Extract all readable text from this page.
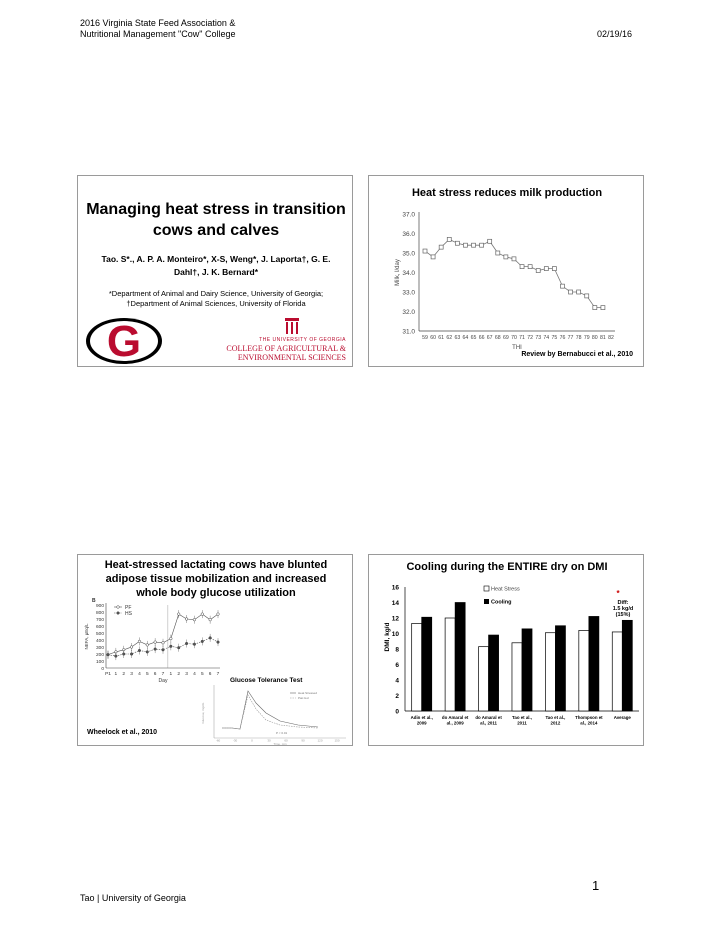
2016 Virginia State Feed Association &
Nutritional Management "Cow" College	02/19/16
Managing heat stress in transition
cows and calves
Tao. S*., A. P. A. Monteiro*, X-S, Weng*, J. Laporta†, G. E.
Dahl†, J. K. Bernard*
*Department of Animal and Dairy Science, University of Georgia;
†Department of Animal Sciences, University of Florida
G	THE UNIVERSITY OF GEORGIA
COLLEGE OF AGRICULTURAL &
ENVIRONMENTAL SCIENCES
Heat stress reduces milk production
37.0
36.0
35.0
34.0
33.0
32.0
31.0
59 60 61 62 63 64 65 66 67 68 69 70 71 72 73 74 75 76 77 78 79 80 81 82
THI
Milk, l/day
Review by Bernabucci et al., 2010
Heat-stressed lactating cows have blunted
adipose tissue mobilization and increased
whole body glucose utilization
B
900
800
700
600
500
400
300
200
100
0
P1 1 2 3 4 5 6 7 1 2 3 4 5 6 7
Day
NEFA, μEq/L
PF
HS
Glucose Tolerance Test
Glucose, mg/dL
-60	-30	0	30	60	90	120	150
Time, min
Heat Stressed
Pair-fed
P < 0.01
Wheelock et al., 2010
Cooling during the ENTIRE dry on DMI
16
14
12
10
8
6
4
2
0
DMI, kg/d
Adin et al.,
2009
do Amaral et
al., 2009
do Amaral et
al., 2011
Tao et al.,
2011
Tao et al.,
2012
Thompson et
al., 2014
Average
Heat Stress
Cooling
*
Diff:
1.5 kg/d
(15%)
1
Tao | University of Georgia
